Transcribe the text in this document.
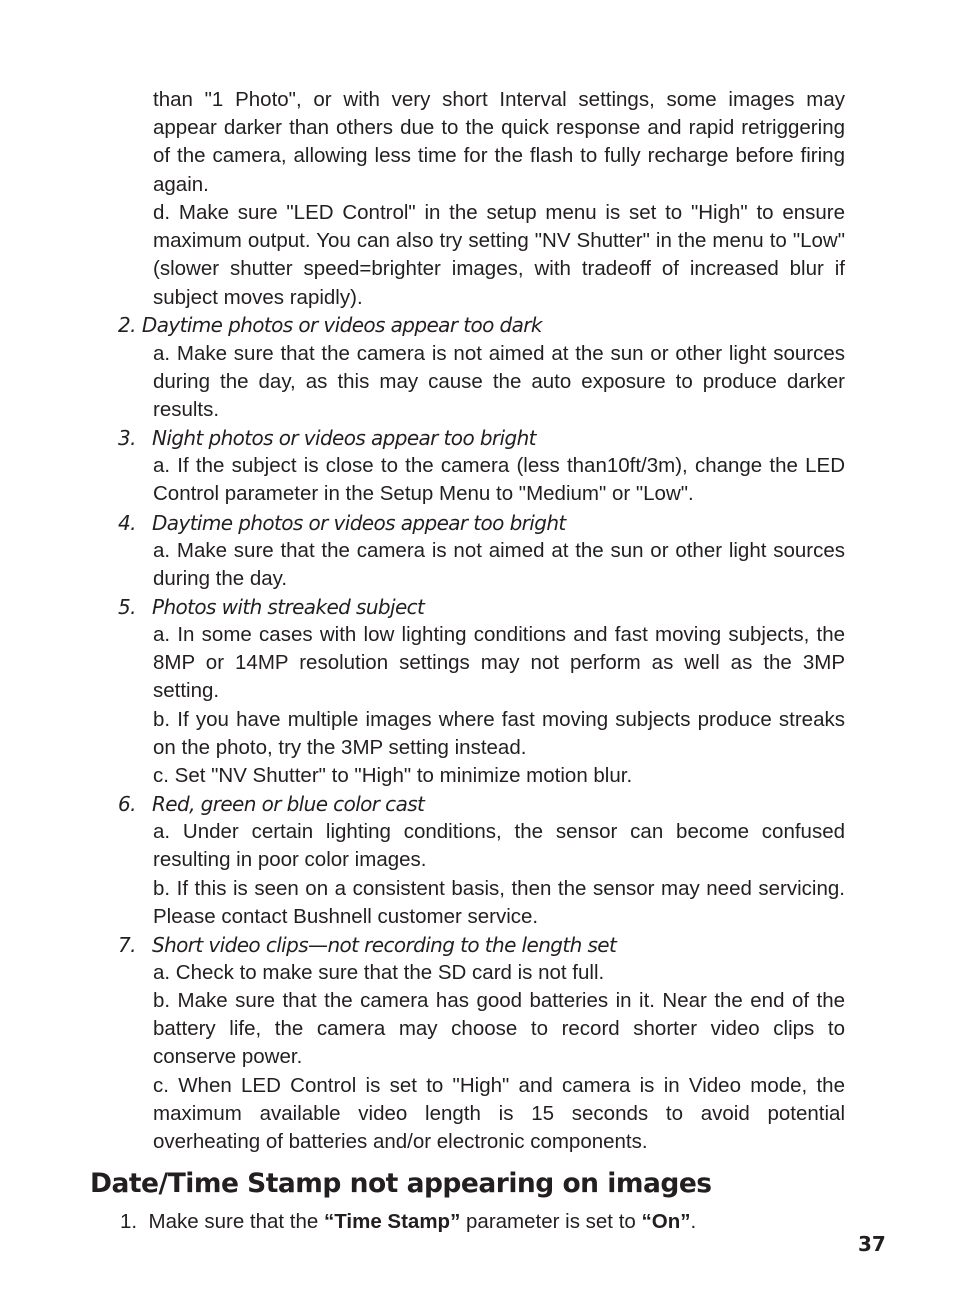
than "1 Photo", or with very short Interval settings, some images may appear darker than others due to the quick response and rapid retriggering of the camera, allowing less time for the flash to fully recharge before firing again.

d. Make sure "LED Control" in the setup menu is set to "High" to ensure maximum output. You can also try setting "NV Shutter" in the menu to "Low" (slower shutter speed=brighter images, with tradeoff of increased blur if subject moves rapidly).

2. Daytime photos or videos appear too dark

a. Make sure that the camera is not aimed at the sun or other light sources during the day, as this may cause the auto exposure to produce darker results.

3. Night photos or videos appear too bright

a. If the subject is close to the camera (less than10ft/3m), change the LED Control parameter in the Setup Menu to "Medium" or "Low".

4. Daytime photos or videos appear too bright

a. Make sure that the camera is not aimed at the sun or other light sources during the day.

5. Photos with streaked subject

a. In some cases with low lighting conditions and fast moving subjects, the 8MP or 14MP resolution settings may not perform as well as the 3MP setting.

b. If you have multiple images where fast moving subjects produce streaks on the photo, try the 3MP setting instead.

c. Set "NV Shutter" to "High" to minimize motion blur.

6. Red, green or blue color cast

a. Under certain lighting conditions, the sensor can become confused resulting in poor color images.

b. If this is seen on a consistent basis, then the sensor may need servicing. Please contact Bushnell customer service.

7. Short video clips—not recording to the length set

a. Check to make sure that the SD card is not full.

b. Make sure that the camera has good batteries in it. Near the end of the battery life, the camera may choose to record shorter video clips to conserve power.

c. When LED Control is set to "High" and camera is in Video mode, the maximum available video length is 15 seconds to avoid potential overheating of batteries and/or electronic components.

Date/Time Stamp not appearing on images

1. Make sure that the “Time Stamp” parameter is set to “On”.

37
